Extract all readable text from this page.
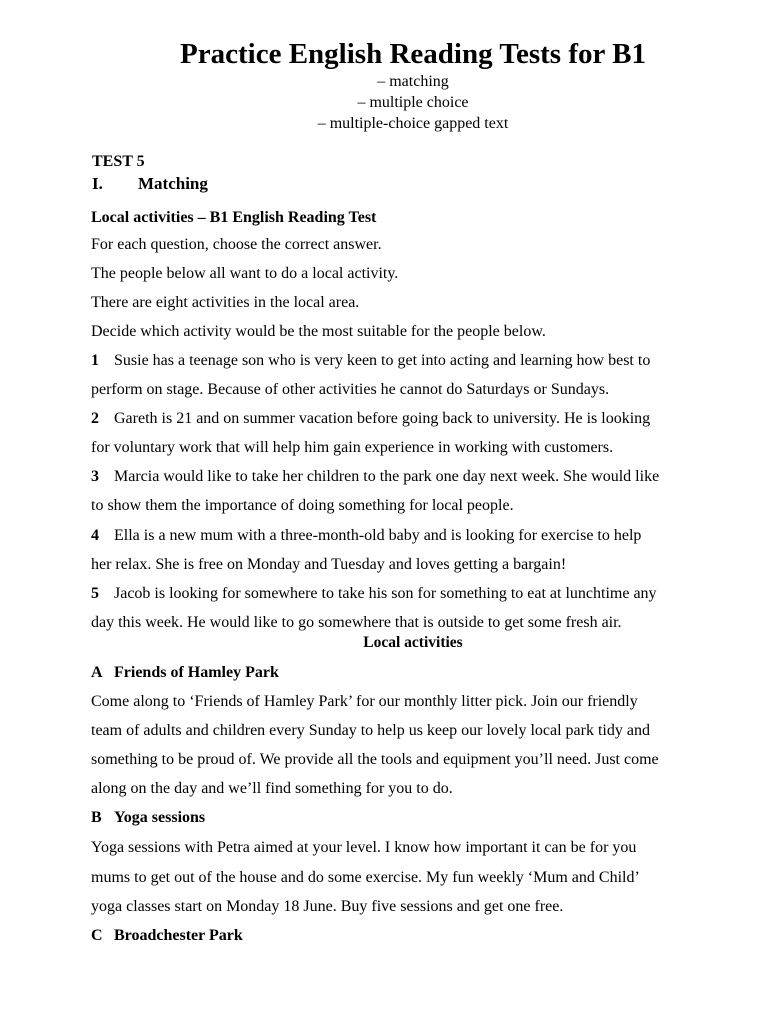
Practice English Reading Tests for B1
– matching
– multiple choice
– multiple-choice gapped text
TEST 5
I. Matching
Local activities – B1 English Reading Test
For each question, choose the correct answer.
The people below all want to do a local activity.
There are eight activities in the local area.
Decide which activity would be the most suitable for the people below.
1 Susie has a teenage son who is very keen to get into acting and learning how best to
perform on stage. Because of other activities he cannot do Saturdays or Sundays.
2 Gareth is 21 and on summer vacation before going back to university. He is looking
for voluntary work that will help him gain experience in working with customers.
3 Marcia would like to take her children to the park one day next week. She would like
to show them the importance of doing something for local people.
4 Ella is a new mum with a three-month-old baby and is looking for exercise to help
her relax. She is free on Monday and Tuesday and loves getting a bargain!
5 Jacob is looking for somewhere to take his son for something to eat at lunchtime any
day this week. He would like to go somewhere that is outside to get some fresh air.
Local activities
A Friends of Hamley Park
Come along to ‘Friends of Hamley Park’ for our monthly litter pick. Join our friendly
team of adults and children every Sunday to help us keep our lovely local park tidy and
something to be proud of. We provide all the tools and equipment you’ll need. Just come
along on the day and we’ll find something for you to do.
B Yoga sessions
Yoga sessions with Petra aimed at your level. I know how important it can be for you
mums to get out of the house and do some exercise. My fun weekly ‘Mum and Child’
yoga classes start on Monday 18 June. Buy five sessions and get one free.
C Broadchester Park
